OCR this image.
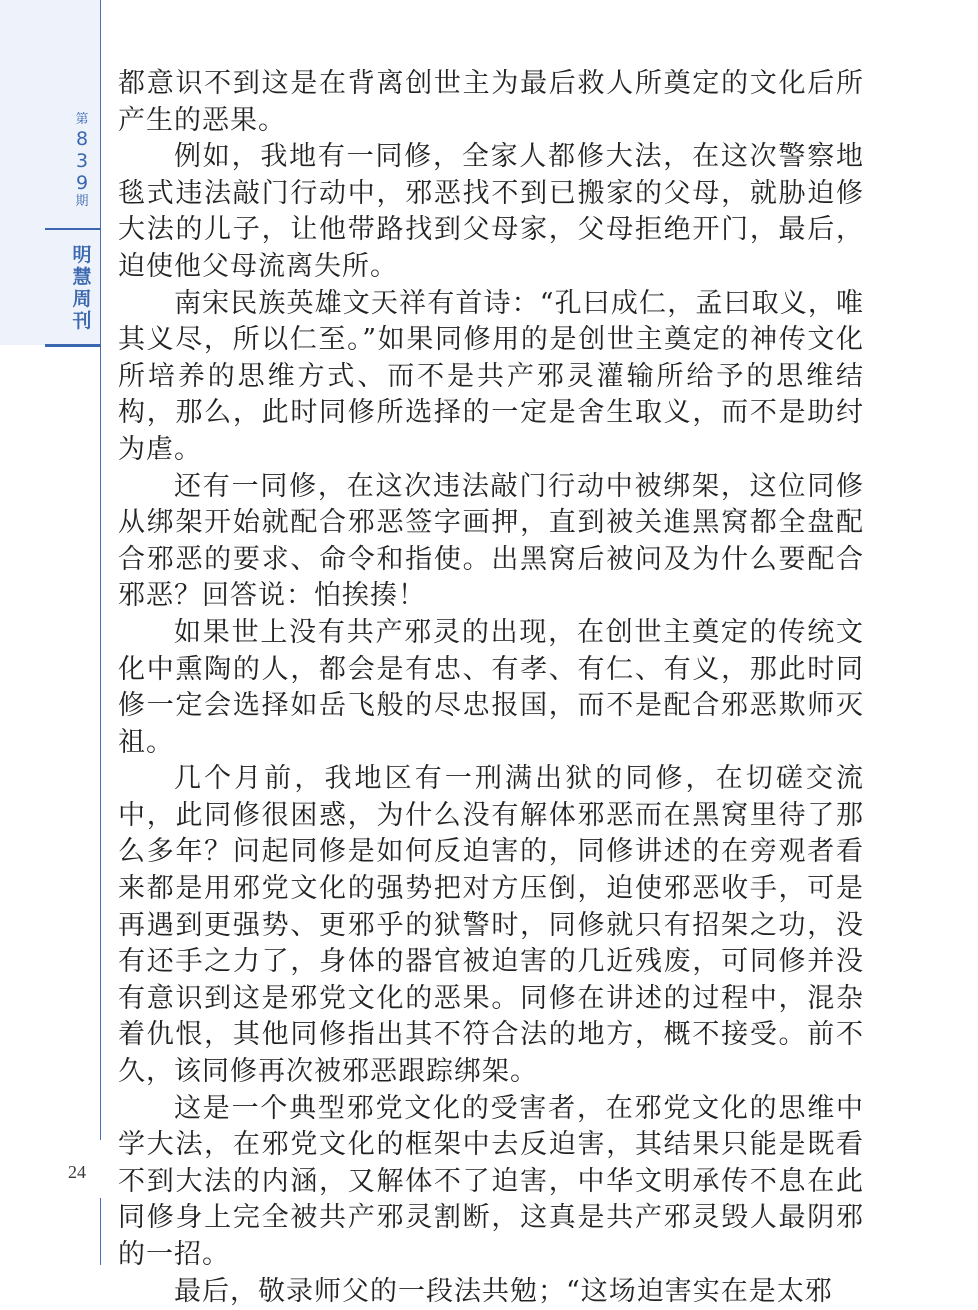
第
8
3
9
期
明
慧
周
刊
24

都意识不到这是在背离创世主为最后救人所奠定的文化后所产生的恶果。

例如，我地有一同修，全家人都修大法，在这次警察地毯式违法敲门行动中，邪恶找不到已搬家的父母，就胁迫修大法的儿子，让他带路找到父母家，父母拒绝开门，最后，迫使他父母流离失所。

南宋民族英雄文天祥有首诗：“孔曰成仁，孟曰取义，唯其义尽，所以仁至。”如果同修用的是创世主奠定的神传文化所培养的思维方式、而不是共产邪灵灌输所给予的思维结构，那么，此时同修所选择的一定是舍生取义，而不是助纣为虐。

还有一同修，在这次违法敲门行动中被绑架，这位同修从绑架开始就配合邪恶签字画押，直到被关進黑窝都全盘配合邪恶的要求、命令和指使。出黑窝后被问及为什么要配合邪恶？回答说：怕挨揍！

如果世上没有共产邪灵的出现，在创世主奠定的传统文化中熏陶的人，都会是有忠、有孝、有仁、有义，那此时同修一定会选择如岳飞般的尽忠报国，而不是配合邪恶欺师灭祖。

几个月前，我地区有一刑满出狱的同修，在切磋交流中，此同修很困惑，为什么没有解体邪恶而在黑窝里待了那么多年？问起同修是如何反迫害的，同修讲述的在旁观者看来都是用邪党文化的强势把对方压倒，迫使邪恶收手，可是再遇到更强势、更邪乎的狱警时，同修就只有招架之功，没有还手之力了，身体的器官被迫害的几近残废，可同修并没有意识到这是邪党文化的恶果。同修在讲述的过程中，混杂着仇恨，其他同修指出其不符合法的地方，概不接受。前不久，该同修再次被邪恶跟踪绑架。

这是一个典型邪党文化的受害者，在邪党文化的思维中学大法，在邪党文化的框架中去反迫害，其结果只能是既看不到大法的内涵，又解体不了迫害，中华文明承传不息在此同修身上完全被共产邪灵割断，这真是共产邪灵毁人最阴邪的一招。

最后，敬录师父的一段法共勉；“这场迫害实在是太邪
